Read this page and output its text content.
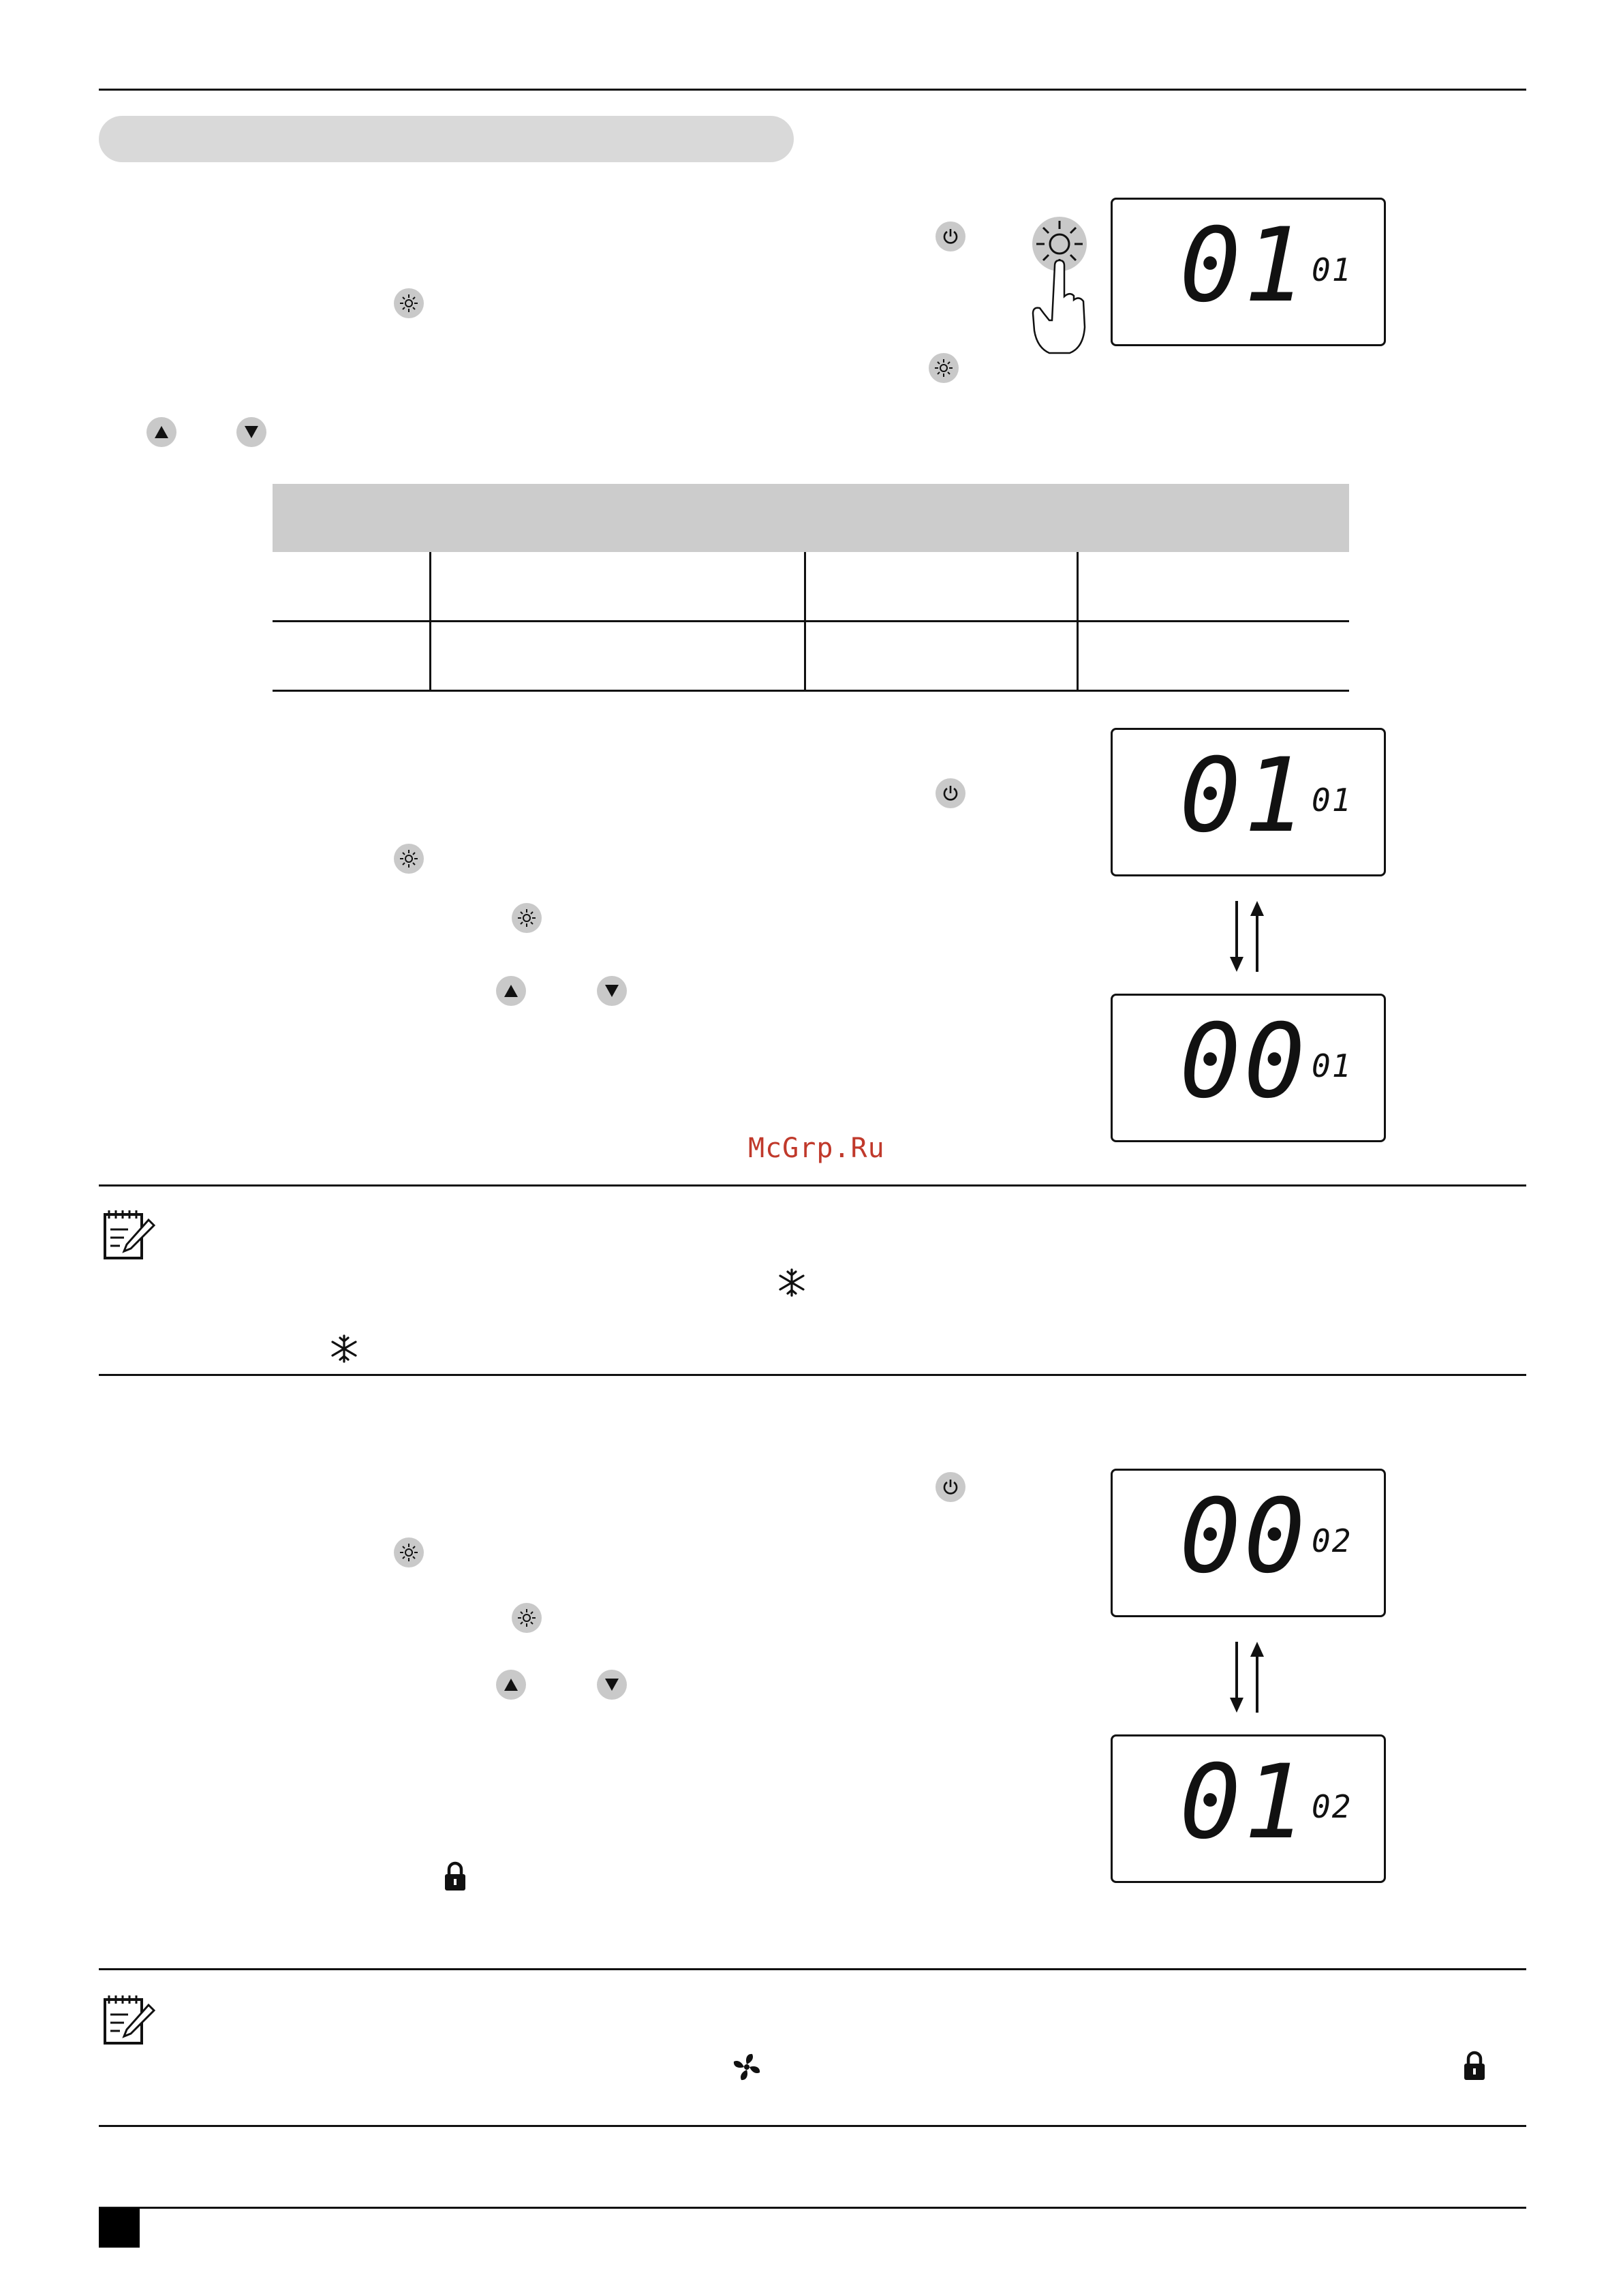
01 01
01 01
00 01
McGrp.Ru
00 02
01 02
